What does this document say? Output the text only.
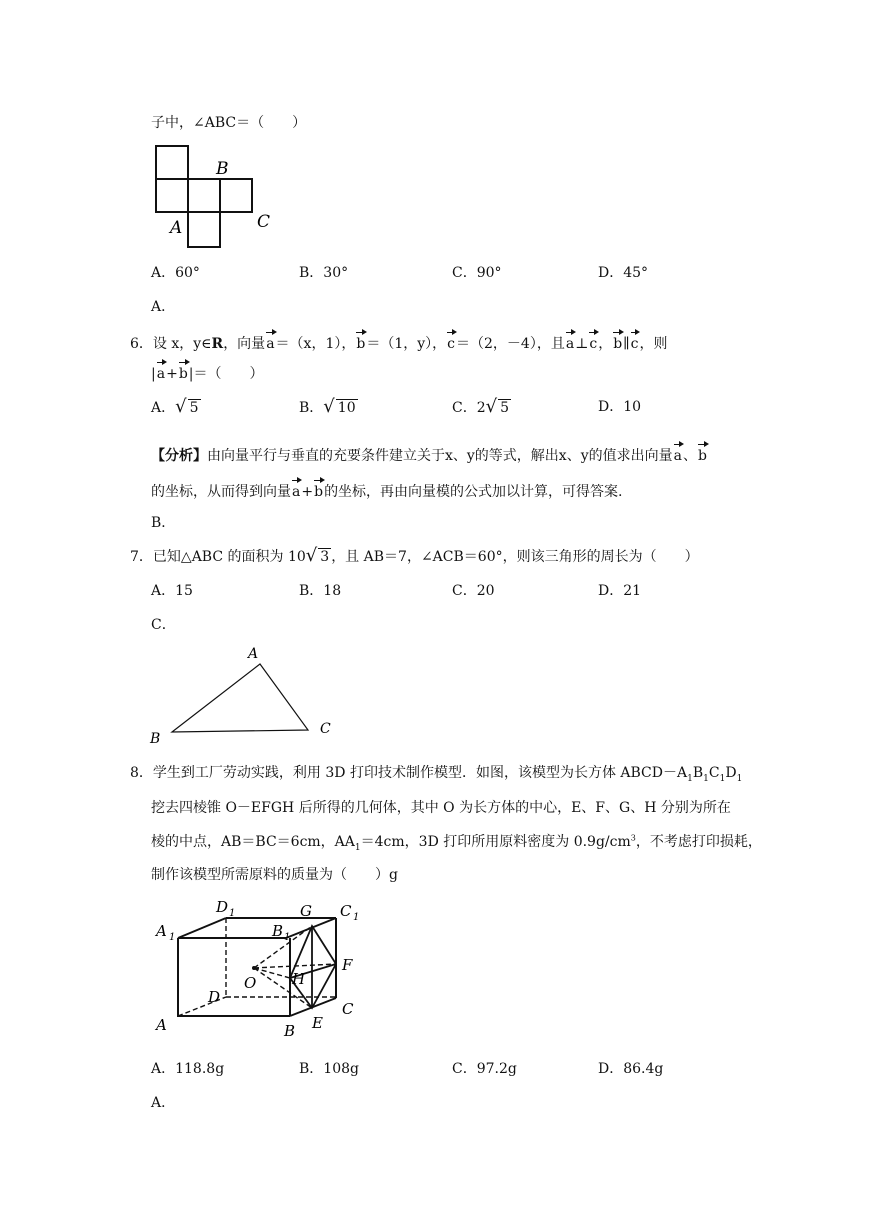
子中，∠ABC＝（　　）
B
A	C
A．60°	B．30°	C．90°	D．45°
A．
6．设 x，y∈R，向量a＝（x，1），b＝（1，y），c＝（2，－4），且a⊥c，b∥c，则
|a+b|＝（　　）
A．√ 5	B．√ 10	C．2√ 5	D．10
【分析】由向量平行与垂直的充要条件建立关于x、y的等式，解出x、y的值求出向量a、b
的坐标，从而得到向量a+b的坐标，再由向量模的公式加以计算，可得答案.
B．
7．已知△ABC 的面积为 10√ 3 ，且 AB＝7，∠ACB＝60°，则该三角形的周长为（　　）
A．15	B．18	C．20	D．21
C．
A
B
C
8．学生到工厂劳动实践，利用 3D 打印技术制作模型．如图，该模型为长方体 $ABCD-A_1B_1C_1D_1$
挖去四棱锥 O－EFGH 后所得的几何体，其中 O 为长方体的中心，E、F、G、H 分别为所在
棱的中点，AB＝BC＝6cm，$AA_1=4cm$，3D 打印所用原料密度为 $0.9g/cm^3$，不考虑打印损耗，
制作该模型所需原料的质量为（　　）g
A 1
D 1	G C 1
B 1
O H
F
D
C
E
A	B
A．118.8g	B．108g	C．97.2g	D．86.4g
A．
